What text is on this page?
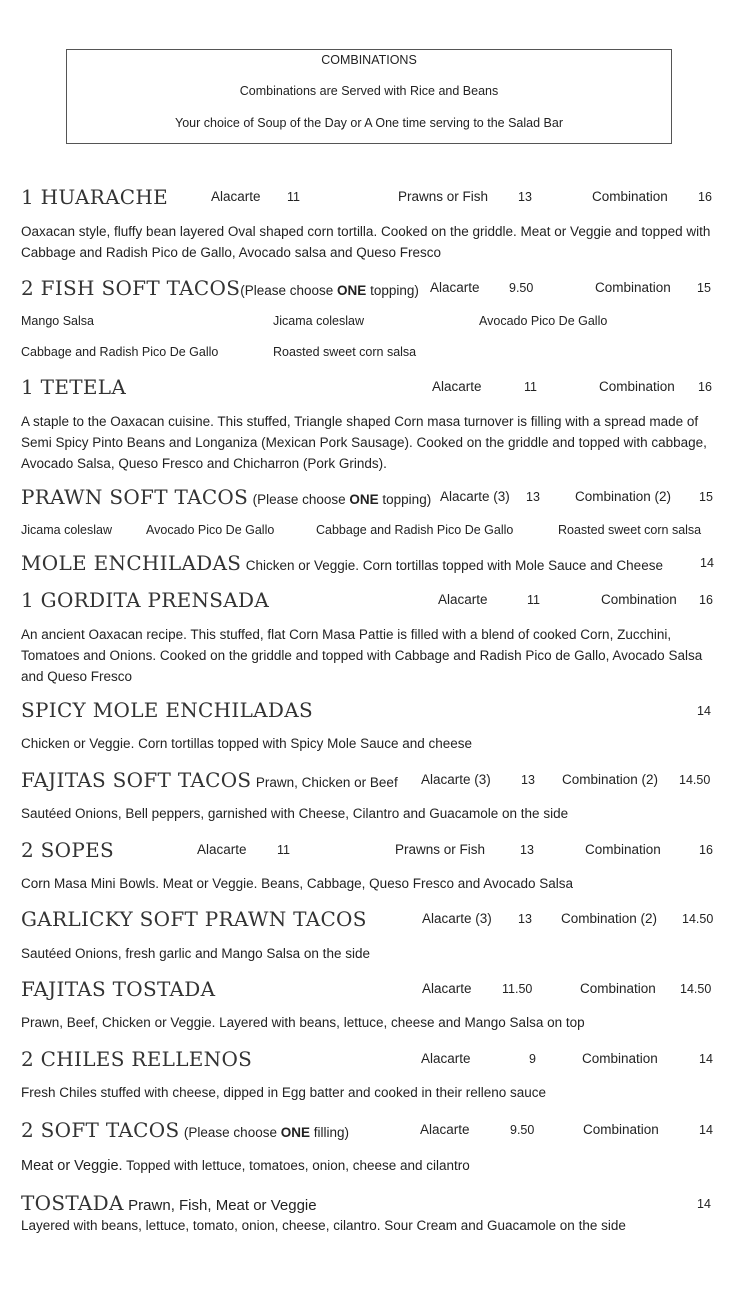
COMBINATIONS
Combinations are Served with Rice and Beans
Your choice of Soup of the Day or A One time serving to the Salad Bar
1 HUARACHE	Alacarte 11	Prawns or Fish 13	Combination 16
Oaxacan style, fluffy bean layered Oval shaped corn tortilla. Cooked on the griddle. Meat or Veggie and topped with Cabbage and Radish Pico de Gallo, Avocado salsa and Queso Fresco
2 FISH SOFT TACOS(Please choose ONE topping) Alacarte 9.50	Combination 15
Mango Salsa	Jicama coleslaw	Avocado Pico De Gallo
Cabbage and Radish Pico De Gallo	Roasted sweet corn salsa
1 TETELA	Alacarte	11	Combination 16
A staple to the Oaxacan cuisine. This stuffed, Triangle shaped Corn masa turnover is filling with a spread made of Semi Spicy Pinto Beans and Longaniza (Mexican Pork Sausage). Cooked on the griddle and topped with cabbage, Avocado Salsa, Queso Fresco and Chicharron (Pork Grinds).
PRAWN SOFT TACOS (Please choose ONE topping) Alacarte (3) 13	Combination (2) 15
Jicama coleslaw	Avocado Pico De Gallo	Cabbage and Radish Pico De Gallo	Roasted sweet corn salsa
MOLE ENCHILADAS Chicken or Veggie. Corn tortillas topped with Mole Sauce and Cheese	14
1 GORDITA PRENSADA	Alacarte	11	Combination 16
An ancient Oaxacan recipe. This stuffed, flat Corn Masa Pattie is filled with a blend of cooked Corn, Zucchini, Tomatoes and Onions. Cooked on the griddle and topped with Cabbage and Radish Pico de Gallo, Avocado Salsa and Queso Fresco
SPICY MOLE ENCHILADAS	14
Chicken or Veggie. Corn tortillas topped with Spicy Mole Sauce and cheese
FAJITAS SOFT TACOS Prawn, Chicken or Beef Alacarte (3) 13 Combination (2) 14.50
Sautéed Onions, Bell peppers, garnished with Cheese, Cilantro and Guacamole on the side
2 SOPES	Alacarte 11	Prawns or Fish	13	Combination	16
Corn Masa Mini Bowls. Meat or Veggie. Beans, Cabbage, Queso Fresco and Avocado Salsa
GARLICKY SOFT PRAWN TACOS	Alacarte (3) 13 Combination (2) 14.50
Sautéed Onions, fresh garlic and Mango Salsa on the side
FAJITAS TOSTADA	Alacarte 11.50	Combination 14.50
Prawn, Beef, Chicken or Veggie. Layered with beans, lettuce, cheese and Mango Salsa on top
2 CHILES RELLENOS	Alacarte	9	Combination	14
Fresh Chiles stuffed with cheese, dipped in Egg batter and cooked in their relleno sauce
2 SOFT TACOS (Please choose ONE filling)	Alacarte	9.50	Combination	14
Meat or Veggie. Topped with lettuce, tomatoes, onion, cheese and cilantro
TOSTADA Prawn, Fish, Meat or Veggie	14
Layered with beans, lettuce, tomato, onion, cheese, cilantro. Sour Cream and Guacamole on the side
